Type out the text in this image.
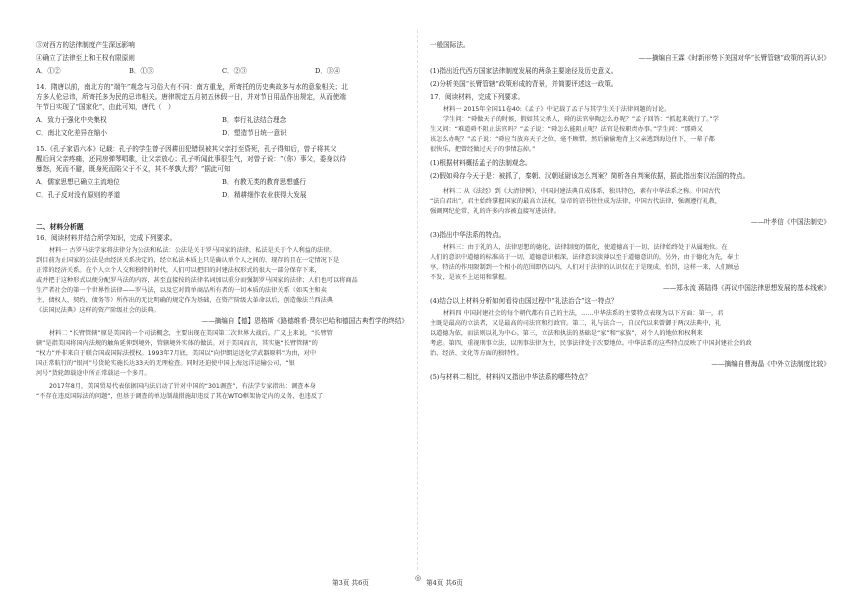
③对西方的法律制度产生深远影响
④确立了法律至上和王权有限原则
A．①②	B．①③	C．②③	D．③④
14．隋唐以前，南北方的“端午”观念与习俗大有不同：南方重龙，所寄托的历史典故多与水的意象相关；北
方多人伦忌讳，所寄托多为民的忌讳相关。唐律规定五月初五休假一日，并对节日用品作出规定，从而使端
午节日实现了“国家化”，由此可知，唐代（　）
A．致力于强化中央集权	B．奉行礼法结合理念
C．南北文化差异在缩小	D．塑造节日统一意识
15.《孔子家语六本》记载：孔子的学生曾子因耕田犯错误被其父亲打至昏死，孔子得知后，曾子将其父
醒后问父亲疼痛，还同房弹琴唱歌，让父亲放心；孔子听闻此事很生气，对曾子说：“（你）事父，委身以待
暴怒，死而不避，既身死而陷父于不义，其不孝孰大焉？”据此可知
A．儒家思想已确立主流地位	B．有教无类的教育思想盛行
C．孔子反对没有原则的孝道	D．精耕细作农业获得大发展
二、材料分析题
16．阅读材料并结合所学知识，完成下列要求。
材料一 古罗马法学家将法律分为公法和私法：公法是关于罗马国家的法律，私法是关于个人利益的法律。
到目前为止国家的公法是由经济关系决定的，经立私法本质上只是确认单个人之间的、现存的且在一定情况下是
正常的经济关系。在个人立个人交和独特的时代，人们可以把旧的封建法权形式的很大一部分保存下来，
或并把于这种形式以便分配罗马法的内容，甚至直接按的法律名词加以重分而强制罗马国家的法律；人们也可以将商品
生产者社会的第一个世界性法律——罗马法，以及它对简单商品所有者的一切本质的法律关系（如买主和卖
主、债权人、契约、债务等）所作出的无比明确的规定作为基础，在资产阶级大革命以后，创造像法兰西法典
《法国民法典》这样的资产阶级社会的法典。
——摘编自【德】恩格斯《路德维希·费尔巴哈和德国古典哲学的终结》
材料二 “长臂管辖”原是美国的一个司法概念，主要出现在美国第二次世界大战后。广义上来说，“长臂管
辖”是指美国将国内法规的触角延伸到境外，管辖境外实体的做法。对于美国而言，其实施“长臂管辖”的
“权力”并非来自于联合国或国际法授权。1993年7月底，美国以“向伊朗运送化学武器原料”为由，对中
国正常航行的“银河”号货轮实施长达33天的无理检查。同时还迫使中国上海远洋运输公司，“银
河号”货轮卸载途中所正常载运一个多月。
2017年8月，美国贸易代表依据国内法启动了针对中国的“301调查”，有法学专家指出：调查本身
“不存在违反国际法的问题”，但基于调查的单边制裁措施却违反了其在WTO框架协定内的义务，也违反了
第3页 共6页
◎
一般国际法。
——摘编自王霖《时新形势下美国对华“长臂管辖”政策的再认识》
(1)指出近代西方国家法律制度发展的两条主要途径及历史意义。
(2)分析美国“长臂管辖”政策形成的背景，并简要评述这一政策。
17．阅读材料，完成下列要求。
材料一 2015年全国11卷40:《孟子》中记载了孟子与其学生关于法律问题的讨论。
学生问：“舜做天子的时候，假如其父杀人，舜的法官皋陶怎么办呢？”孟子回答：“抓起来就行了。”学
生又问：“难道舜不阻止法官吗？”孟子说：“舜怎么能阻止呢？法官是按职责办事。”学生问：“那舜又
该怎么办呢？”孟子说：“舜应当放弃天子之位，毫不顾惜，然后偷偷地背上父亲逃到海边住下，一辈子都
很快乐，把曾经做过天子的事情忘掉。”
(1)根据材料概括孟子的法制观念。
(2)假如舜存今天于是：被抓了，秦朝、汉朝延尉该怎么判案？简析各自判案依据，据此指出秦汉治国的特点。
材料二 从《法经》到《大清律例》，中国封建法典自成体系，独具特色，素有中华法系之称。中国古代
“法自君出”，君主始终掌握国家的最高立法权，皇帝的诏书往往成为法律，中国古代法律，强调遵行礼教，
强调网纪伦常，礼的许多内容被直接写进法律。
——叶孝信《中国法制史》
(3)指出中华法系的特点。
材料三：由于礼的人，法律思想的德化，法律制度的儒化，使道德高于一切，法律始终处于从属地位。在
人们的意识中道德的标准高于一切，道德意识根深，法律意识淡薄以至于道德意识的，另外，由于德化为先，奉土
享，特法的作用限制到一个相小的范围即仍以内，人们对于法律的认识仅在于是现成，怕罚，这样一来，人们顾忌
不发，是该不上运用和掌握。
——郑永流 蒋陆得《再议中国法律思想发展的基本线索》
(4)结合以上材料分析如何看待由国过程中“礼法治合”这一特点？
材料四 中国封建社会的每个朝代都有自己的主法，……中华法系的主要特点表现为以下方面：第一，君
主既是最高的立法者，又是最高的司法官和行政官。第二，礼与法合一，自汉代以来曾御于两汉法典中，礼
以道德为依，而法则以礼为中心。第三，立法和执法的基础是“家”和“家族”，对个人的地位和权利来
考虑。第四，重视刑事立法，以刑事法律为主，民事法律处于次要地位。中华法系的这些特点反映了中国封建社会的政
治、经济、文化等方面的独特性。
——摘编自曹海晶《中外立法制度比较》
(5)与材料二相比，材料四又指出中华法系的哪些特点？
第4页 共6页
